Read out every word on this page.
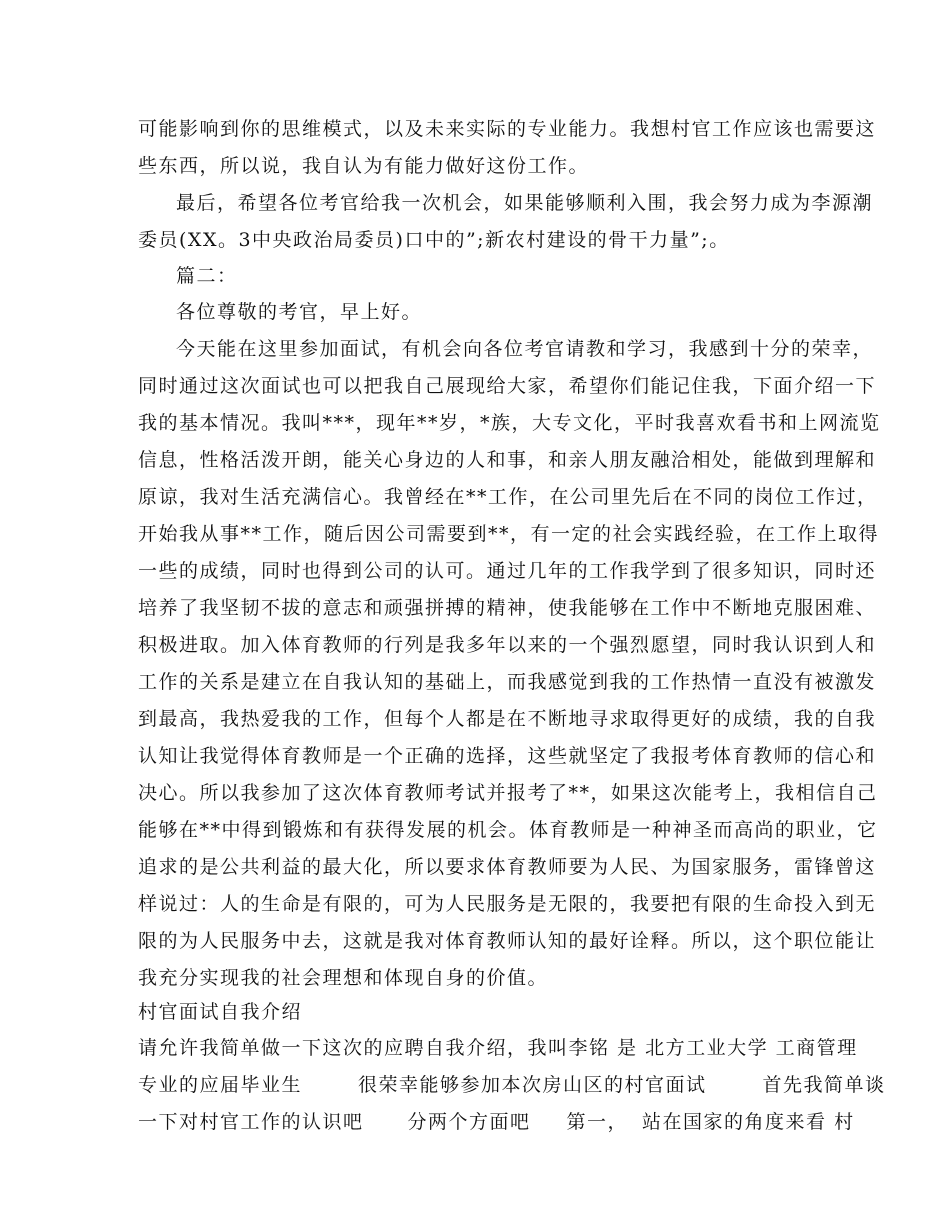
可能影响到你的思维模式，以及未来实际的专业能力。我想村官工作应该也需要这
些东西，所以说，我自认为有能力做好这份工作。
最后，希望各位考官给我一次机会，如果能够顺利入围，我会努力成为李源潮
委员(XX。3中央政治局委员)口中的”;新农村建设的骨干力量”;。
篇二：
各位尊敬的考官，早上好。
今天能在这里参加面试，有机会向各位考官请教和学习，我感到十分的荣幸，
同时通过这次面试也可以把我自己展现给大家，希望你们能记住我，下面介绍一下
我的基本情况。我叫***，现年**岁，*族，大专文化，平时我喜欢看书和上网流览
信息，性格活泼开朗，能关心身边的人和事，和亲人朋友融洽相处，能做到理解和
原谅，我对生活充满信心。我曾经在**工作，在公司里先后在不同的岗位工作过，
开始我从事**工作，随后因公司需要到**，有一定的社会实践经验，在工作上取得
一些的成绩，同时也得到公司的认可。通过几年的工作我学到了很多知识，同时还
培养了我坚韧不拔的意志和顽强拼搏的精神，使我能够在工作中不断地克服困难、
积极进取。加入体育教师的行列是我多年以来的一个强烈愿望，同时我认识到人和
工作的关系是建立在自我认知的基础上，而我感觉到我的工作热情一直没有被激发
到最高，我热爱我的工作，但每个人都是在不断地寻求取得更好的成绩，我的自我
认知让我觉得体育教师是一个正确的选择，这些就坚定了我报考体育教师的信心和
决心。所以我参加了这次体育教师考试并报考了**，如果这次能考上，我相信自己
能够在**中得到锻炼和有获得发展的机会。体育教师是一种神圣而高尚的职业，它
追求的是公共利益的最大化，所以要求体育教师要为人民、为国家服务，雷锋曾这
样说过：人的生命是有限的，可为人民服务是无限的，我要把有限的生命投入到无
限的为人民服务中去，这就是我对体育教师认知的最好诠释。所以，这个职位能让
我充分实现我的社会理想和体现自身的价值。
村官面试自我介绍
请允许我简单做一下这次的应聘自我介绍，我叫李铭 是 北方工业大学 工商管理
专业的应届毕业生	很荣幸能够参加本次房山区的村官面试	首先我简单谈
一下对村官工作的认识吧 分两个方面吧 第一， 站在国家的角度来看 村
